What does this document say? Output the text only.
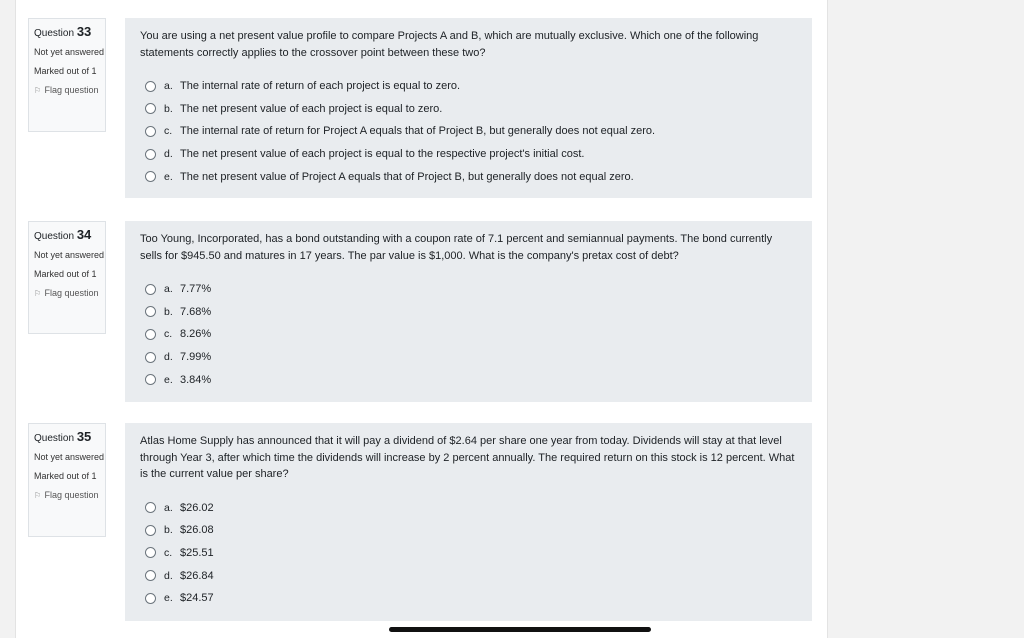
Question 33
Not yet answered
Marked out of 1
⚐ Flag question

You are using a net present value profile to compare Projects A and B, which are mutually exclusive. Which one of the following statements correctly applies to the crossover point between these two?

a. The internal rate of return of each project is equal to zero.
b. The net present value of each project is equal to zero.
c. The internal rate of return for Project A equals that of Project B, but generally does not equal zero.
d. The net present value of each project is equal to the respective project's initial cost.
e. The net present value of Project A equals that of Project B, but generally does not equal zero.
Question 34
Not yet answered
Marked out of 1
⚐ Flag question

Too Young, Incorporated, has a bond outstanding with a coupon rate of 7.1 percent and semiannual payments. The bond currently sells for $945.50 and matures in 17 years. The par value is $1,000. What is the company's pretax cost of debt?

a. 7.77%
b. 7.68%
c. 8.26%
d. 7.99%
e. 3.84%
Question 35
Not yet answered
Marked out of 1
⚐ Flag question

Atlas Home Supply has announced that it will pay a dividend of $2.64 per share one year from today. Dividends will stay at that level through Year 3, after which time the dividends will increase by 2 percent annually. The required return on this stock is 12 percent. What is the current value per share?

a. $26.02
b. $26.08
c. $25.51
d. $26.84
e. $24.57
